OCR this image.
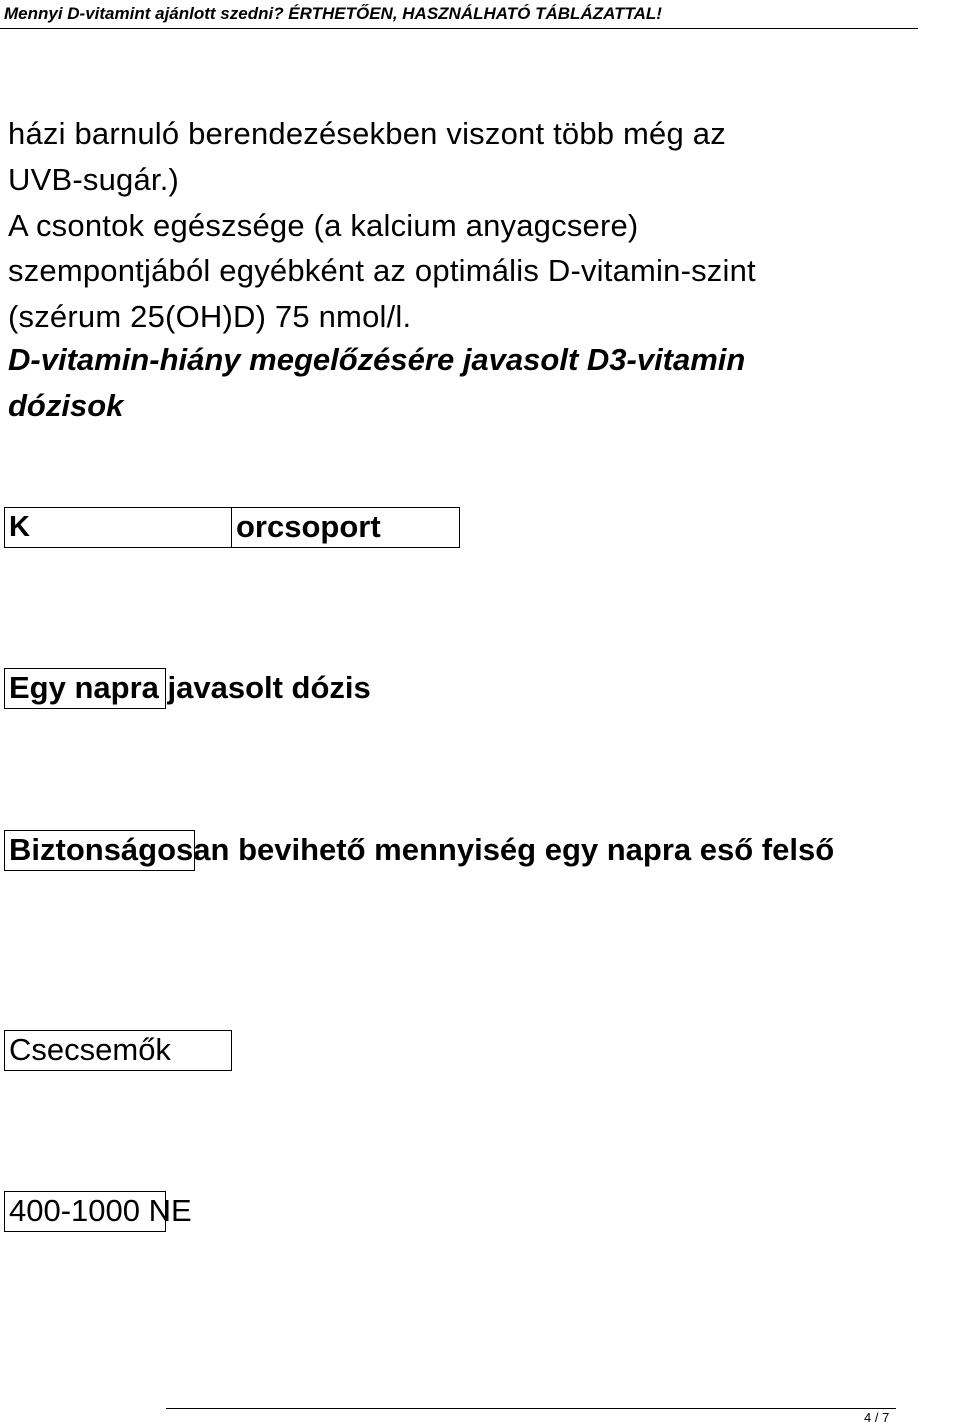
Mennyi D-vitamint ajánlott szedni? ÉRTHETŐEN, HASZNÁLHATÓ TÁBLÁZATTAL!
házi barnuló berendezésekben viszont több még az
UVB-sugár.)
A csontok egészsége (a kalcium anyagcsere)
szempontjából egyébként az optimális D-vitamin-szint
(szérum 25(OH)D) 75 nmol/l.
D-vitamin-hiány megelőzésére javasolt D3-vitamin
dózisok
K	orcsoport
Egy napra javasolt dózis
Biztonságosan bevihető mennyiség egy napra eső felső
Csecsemők
400-1000 NE
4 / 7
